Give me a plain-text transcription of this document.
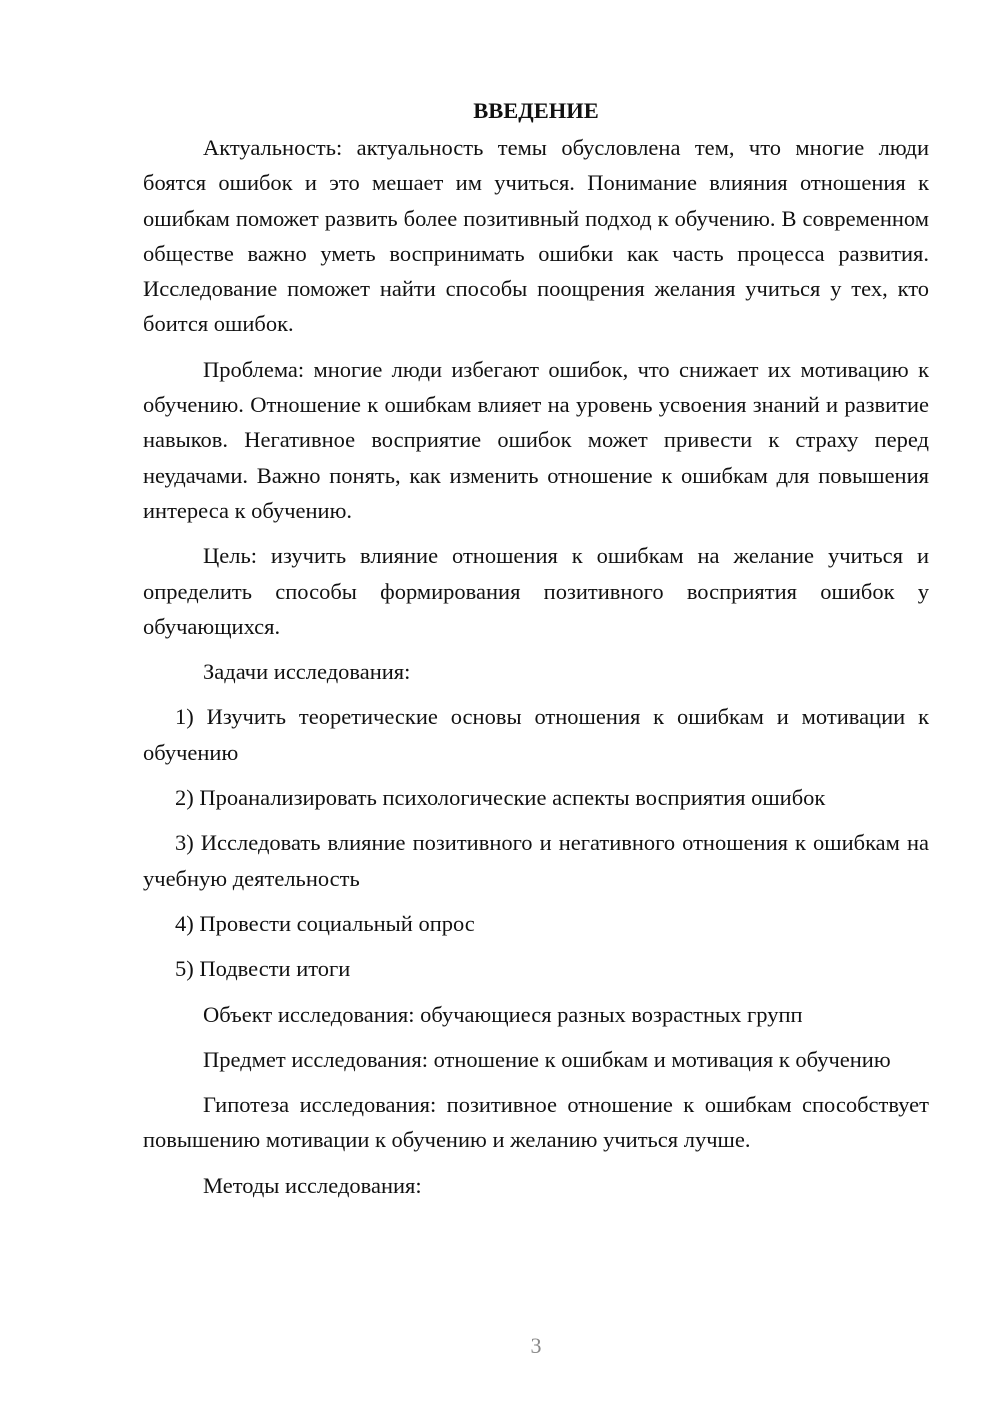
ВВЕДЕНИЕ

Актуальность: актуальность темы обусловлена тем, что многие люди боятся ошибок и это мешает им учиться. Понимание влияния отношения к ошибкам поможет развить более позитивный подход к обучению. В современном обществе важно уметь воспринимать ошибки как часть процесса развития. Исследование поможет найти способы поощрения желания учиться у тех, кто боится ошибок.

Проблема: многие люди избегают ошибок, что снижает их мотивацию к обучению. Отношение к ошибкам влияет на уровень усвоения знаний и развитие навыков. Негативное восприятие ошибок может привести к страху перед неудачами. Важно понять, как изменить отношение к ошибкам для повышения интереса к обучению.

Цель: изучить влияние отношения к ошибкам на желание учиться и определить способы формирования позитивного восприятия ошибок у обучающихся.

Задачи исследования:

1) Изучить теоретические основы отношения к ошибкам и мотивации к обучению

2) Проанализировать психологические аспекты восприятия ошибок

3) Исследовать влияние позитивного и негативного отношения к ошибкам на учебную деятельность

4) Провести социальный опрос

5) Подвести итоги

Объект исследования: обучающиеся разных возрастных групп

Предмет исследования: отношение к ошибкам и мотивация к обучению

Гипотеза исследования: позитивное отношение к ошибкам способствует повышению мотивации к обучению и желанию учиться лучше.

Методы исследования:

3
